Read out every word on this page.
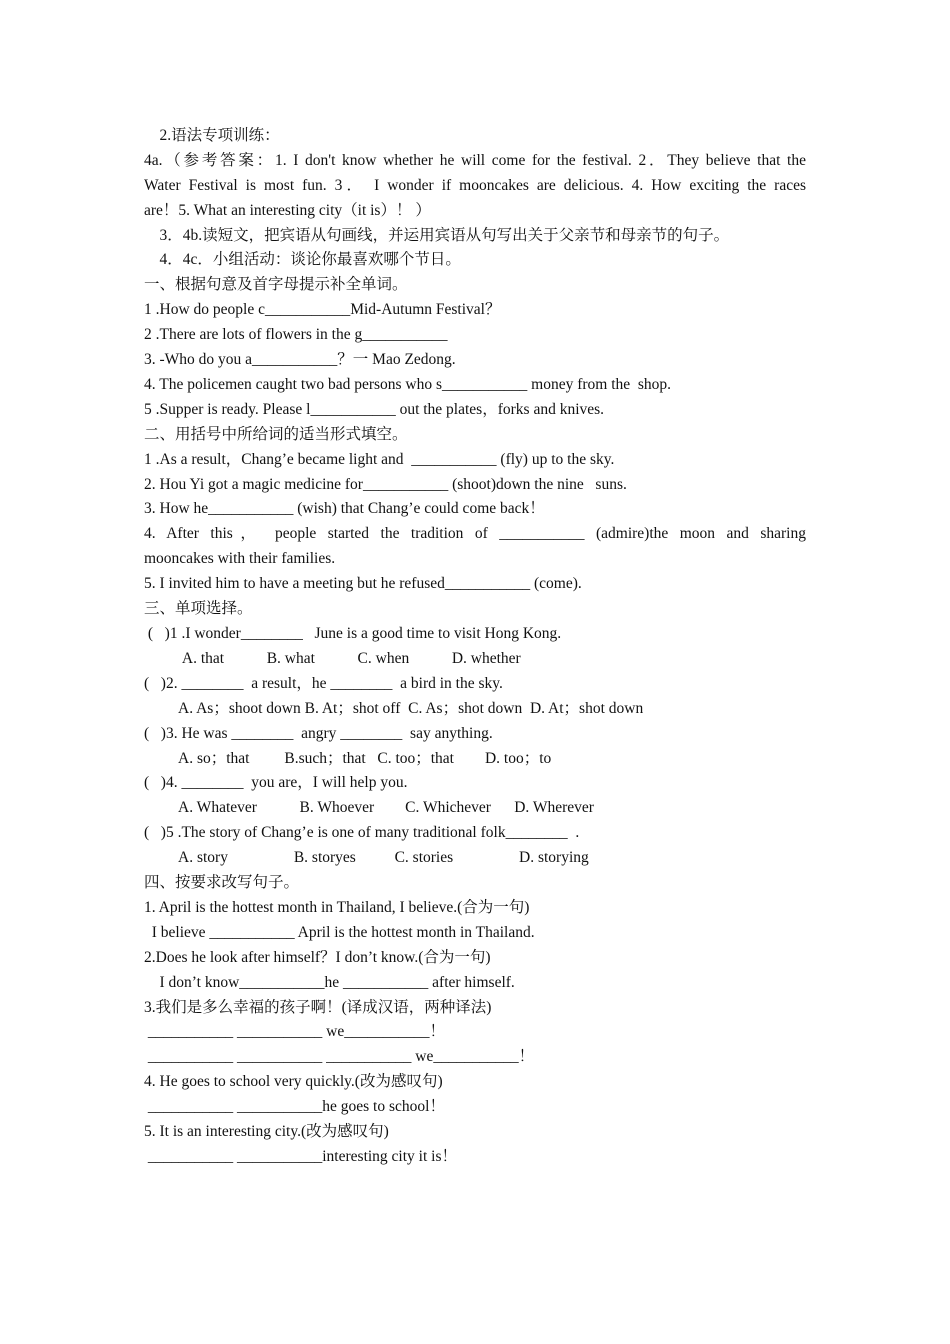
2.语法专项训练：

4a.（参考答案：1. I don't know whether he will come for the festival. 2．They believe that the

Water Festival is most fun. 3． I wonder if mooncakes are delicious. 4. How exciting the races

are！5. What an interesting city（it is）！ ）

3．4b.读短文，把宾语从句画线，并运用宾语从句写出关于父亲节和母亲节的句子。

4．4c．小组活动：谈论你最喜欢哪个节日。

一、根据句意及首字母提示补全单词。

1 .How do people c___________Mid-Autumn Festival？

2 .There are lots of flowers in the g___________

3. -Who do you a___________？一 Mao Zedong.

4. The policemen caught two bad persons who s___________ money from the  shop.

5 .Supper is ready. Please l___________ out the plates，forks and knives.

二、用括号中所给词的适当形式填空。

1 .As a result，Chang’e became light and  ___________ (fly) up to the sky.

2. Hou Yi got a magic medicine for___________ (shoot)down the nine   suns.

3. How he___________ (wish) that Chang’e could come back！

4. After this， people started the tradition of ___________ (admire)the moon and sharing

mooncakes with their families.

5. I invited him to have a meeting but he refused___________ (come).

三、单项选择。

(   )1 .I wonder________   June is a good time to visit Hong Kong.

A. that           B. what           C. when           D. whether

(   )2. ________  a result，he ________  a bird in the sky.

A. As；shoot down B. At；shot off  C. As；shot down  D. At；shot down

(   )3. He was ________  angry ________  say anything.

A. so；that         B.such；that   C. too；that        D. too；to

(   )4. ________  you are，I will help you.

A. Whatever           B. Whoever        C. Whichever      D. Wherever

(   )5 .The story of Chang’e is one of many traditional folk________  .

A. story                 B. storyes          C. stories                 D. storying

四、按要求改写句子。

1. April is the hottest month in Thailand, I believe.(合为一句)

I believe ___________ April is the hottest month in Thailand.

2.Does he look after himself？I don’t know.(合为一句)

I don’t know___________he ___________ after himself.

3.我们是多么幸福的孩子啊！(译成汉语，两种译法)

___________ ___________ we___________！

___________ ___________ ___________ we___________！

4. He goes to school very quickly.(改为感叹句)

___________ ___________he goes to school！

5. It is an interesting city.(改为感叹句)

___________ ___________interesting city it is！
